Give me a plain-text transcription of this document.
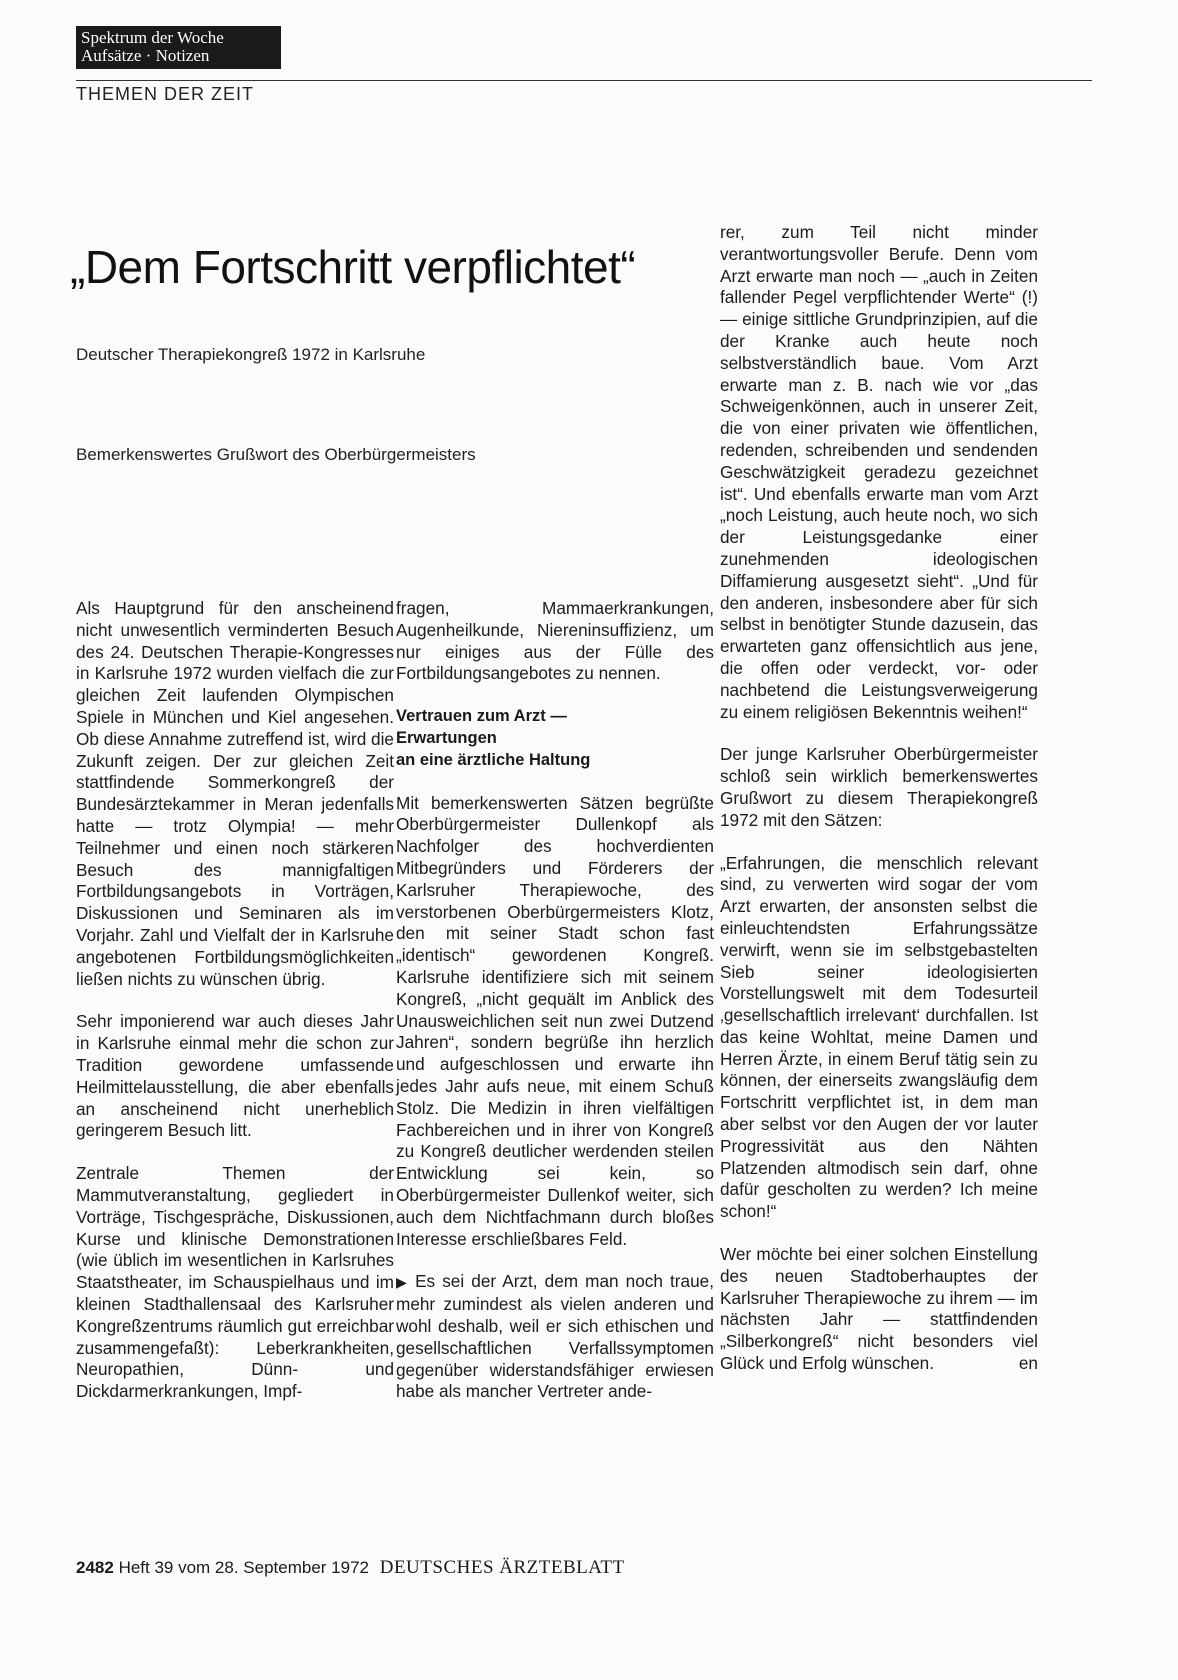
Spektrum der Woche
Aufsätze · Notizen
THEMEN DER ZEIT
„Dem Fortschritt verpflichtet“

Deutscher Therapiekongreß 1972 in Karlsruhe

Bemerkenswertes Grußwort des Oberbürgermeisters

Als Hauptgrund für den anscheinend nicht unwesentlich verminderten Besuch des 24. Deutschen Therapie-Kongresses in Karlsruhe 1972 wurden vielfach die zur gleichen Zeit laufenden Olympischen Spiele in München und Kiel angesehen. Ob diese Annahme zutreffend ist, wird die Zukunft zeigen. Der zur gleichen Zeit stattfindende Sommerkongreß der Bundesärztekammer in Meran jedenfalls hatte — trotz Olympia! — mehr Teilnehmer und einen noch stärkeren Besuch des mannigfaltigen Fortbildungsangebots in Vorträgen, Diskussionen und Seminaren als im Vorjahr. Zahl und Vielfalt der in Karlsruhe angebotenen Fortbildungsmöglichkeiten ließen nichts zu wünschen übrig.

Sehr imponierend war auch dieses Jahr in Karlsruhe einmal mehr die schon zur Tradition gewordene umfassende Heilmittelausstellung, die aber ebenfalls an anscheinend nicht unerheblich geringerem Besuch litt.

Zentrale Themen der Mammutveranstaltung, gegliedert in Vorträge, Tischgespräche, Diskussionen, Kurse und klinische Demonstrationen (wie üblich im wesentlichen in Karlsruhes Staatstheater, im Schauspielhaus und im kleinen Stadthallensaal des Karlsruher Kongreßzentrums räumlich gut erreichbar zusammengefaßt): Leberkrankheiten, Neuropathien, Dünn- und Dickdarmerkrankungen, Impf-

fragen, Mammaerkrankungen, Augenheilkunde, Niereninsuffizienz, um nur einiges aus der Fülle des Fortbildungsangebotes zu nennen.

Vertrauen zum Arzt —
Erwartungen
an eine ärztliche Haltung

Mit bemerkenswerten Sätzen begrüßte Oberbürgermeister Dullenkopf als Nachfolger des hochverdienten Mitbegründers und Förderers der Karlsruher Therapiewoche, des verstorbenen Oberbürgermeisters Klotz, den mit seiner Stadt schon fast „identisch“ gewordenen Kongreß. Karlsruhe identifiziere sich mit seinem Kongreß, „nicht gequält im Anblick des Unausweichlichen seit nun zwei Dutzend Jahren“, sondern begrüße ihn herzlich und aufgeschlossen und erwarte ihn jedes Jahr aufs neue, mit einem Schuß Stolz. Die Medizin in ihren vielfältigen Fachbereichen und in ihrer von Kongreß zu Kongreß deutlicher werdenden steilen Entwicklung sei kein, so Oberbürgermeister Dullenkof weiter, sich auch dem Nichtfachmann durch bloßes Interesse erschließbares Feld.

▶ Es sei der Arzt, dem man noch traue, mehr zumindest als vielen anderen und wohl deshalb, weil er sich ethischen und gesellschaftlichen Verfallssymptomen gegenüber widerstandsfähiger erwiesen habe als mancher Vertreter ande-

rer, zum Teil nicht minder verantwortungsvoller Berufe. Denn vom Arzt erwarte man noch — „auch in Zeiten fallender Pegel verpflichtender Werte“ (!) — einige sittliche Grundprinzipien, auf die der Kranke auch heute noch selbstverständlich baue. Vom Arzt erwarte man z. B. nach wie vor „das Schweigenkönnen, auch in unserer Zeit, die von einer privaten wie öffentlichen, redenden, schreibenden und sendenden Geschwätzigkeit geradezu gezeichnet ist“. Und ebenfalls erwarte man vom Arzt „noch Leistung, auch heute noch, wo sich der Leistungsgedanke einer zunehmenden ideologischen Diffamierung ausgesetzt sieht“. „Und für den anderen, insbesondere aber für sich selbst in benötigter Stunde dazusein, das erwarteten ganz offensichtlich aus jene, die offen oder verdeckt, vor- oder nachbetend die Leistungsverweigerung zu einem religiösen Bekenntnis weihen!“

Der junge Karlsruher Oberbürgermeister schloß sein wirklich bemerkenswertes Grußwort zu diesem Therapiekongreß 1972 mit den Sätzen:

„Erfahrungen, die menschlich relevant sind, zu verwerten wird sogar der vom Arzt erwarten, der ansonsten selbst die einleuchtendsten Erfahrungssätze verwirft, wenn sie im selbstgebastelten Sieb seiner ideologisierten Vorstellungswelt mit dem Todesurteil ‚gesellschaftlich irrelevant‘ durchfallen. Ist das keine Wohltat, meine Damen und Herren Ärzte, in einem Beruf tätig sein zu können, der einerseits zwangsläufig dem Fortschritt verpflichtet ist, in dem man aber selbst vor den Augen der vor lauter Progressivität aus den Nähten Platzenden altmodisch sein darf, ohne dafür gescholten zu werden? Ich meine schon!“

Wer möchte bei einer solchen Einstellung des neuen Stadtoberhauptes der Karlsruher Therapiewoche zu ihrem — im nächsten Jahr — stattfindenden „Silberkongreß“ nicht besonders viel Glück und Erfolg wünschen.	en

2482 Heft 39 vom 28. September 1972 DEUTSCHES ÄRZTEBLATT
